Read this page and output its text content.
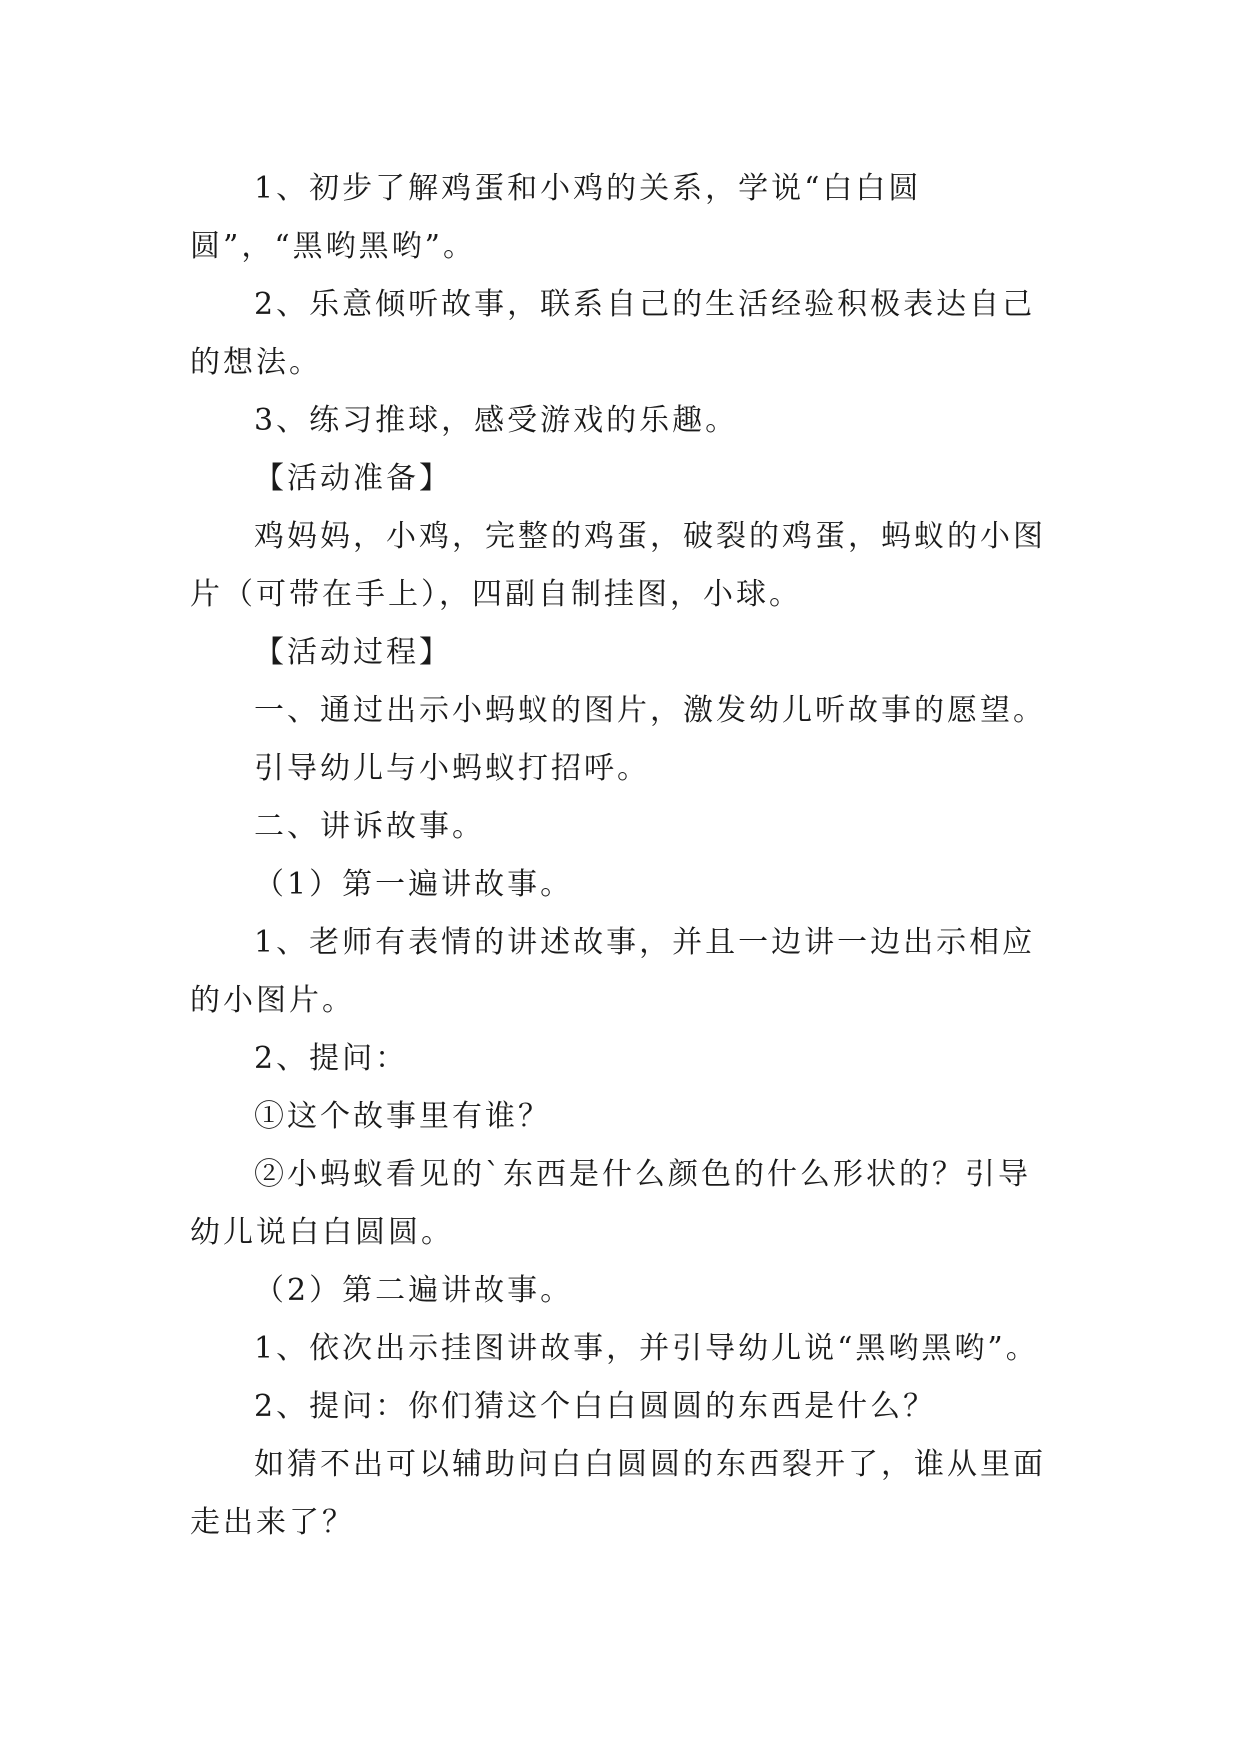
1、初步了解鸡蛋和小鸡的关系，学说“白白圆圆”，“黑哟黑哟”。

2、乐意倾听故事，联系自己的生活经验积极表达自己的想法。

3、练习推球，感受游戏的乐趣。

【活动准备】

鸡妈妈，小鸡，完整的鸡蛋，破裂的鸡蛋，蚂蚁的小图片（可带在手上），四副自制挂图，小球。

【活动过程】

一、通过出示小蚂蚁的图片，激发幼儿听故事的愿望。

引导幼儿与小蚂蚁打招呼。

二、讲诉故事。

（1）第一遍讲故事。

1、老师有表情的讲述故事，并且一边讲一边出示相应的小图片。

2、提问：

①这个故事里有谁？

②小蚂蚁看见的`东西是什么颜色的什么形状的？引导幼儿说白白圆圆。

（2）第二遍讲故事。

1、依次出示挂图讲故事，并引导幼儿说“黑哟黑哟”。

2、提问：你们猜这个白白圆圆的东西是什么？

如猜不出可以辅助问白白圆圆的东西裂开了，谁从里面走出来了？
